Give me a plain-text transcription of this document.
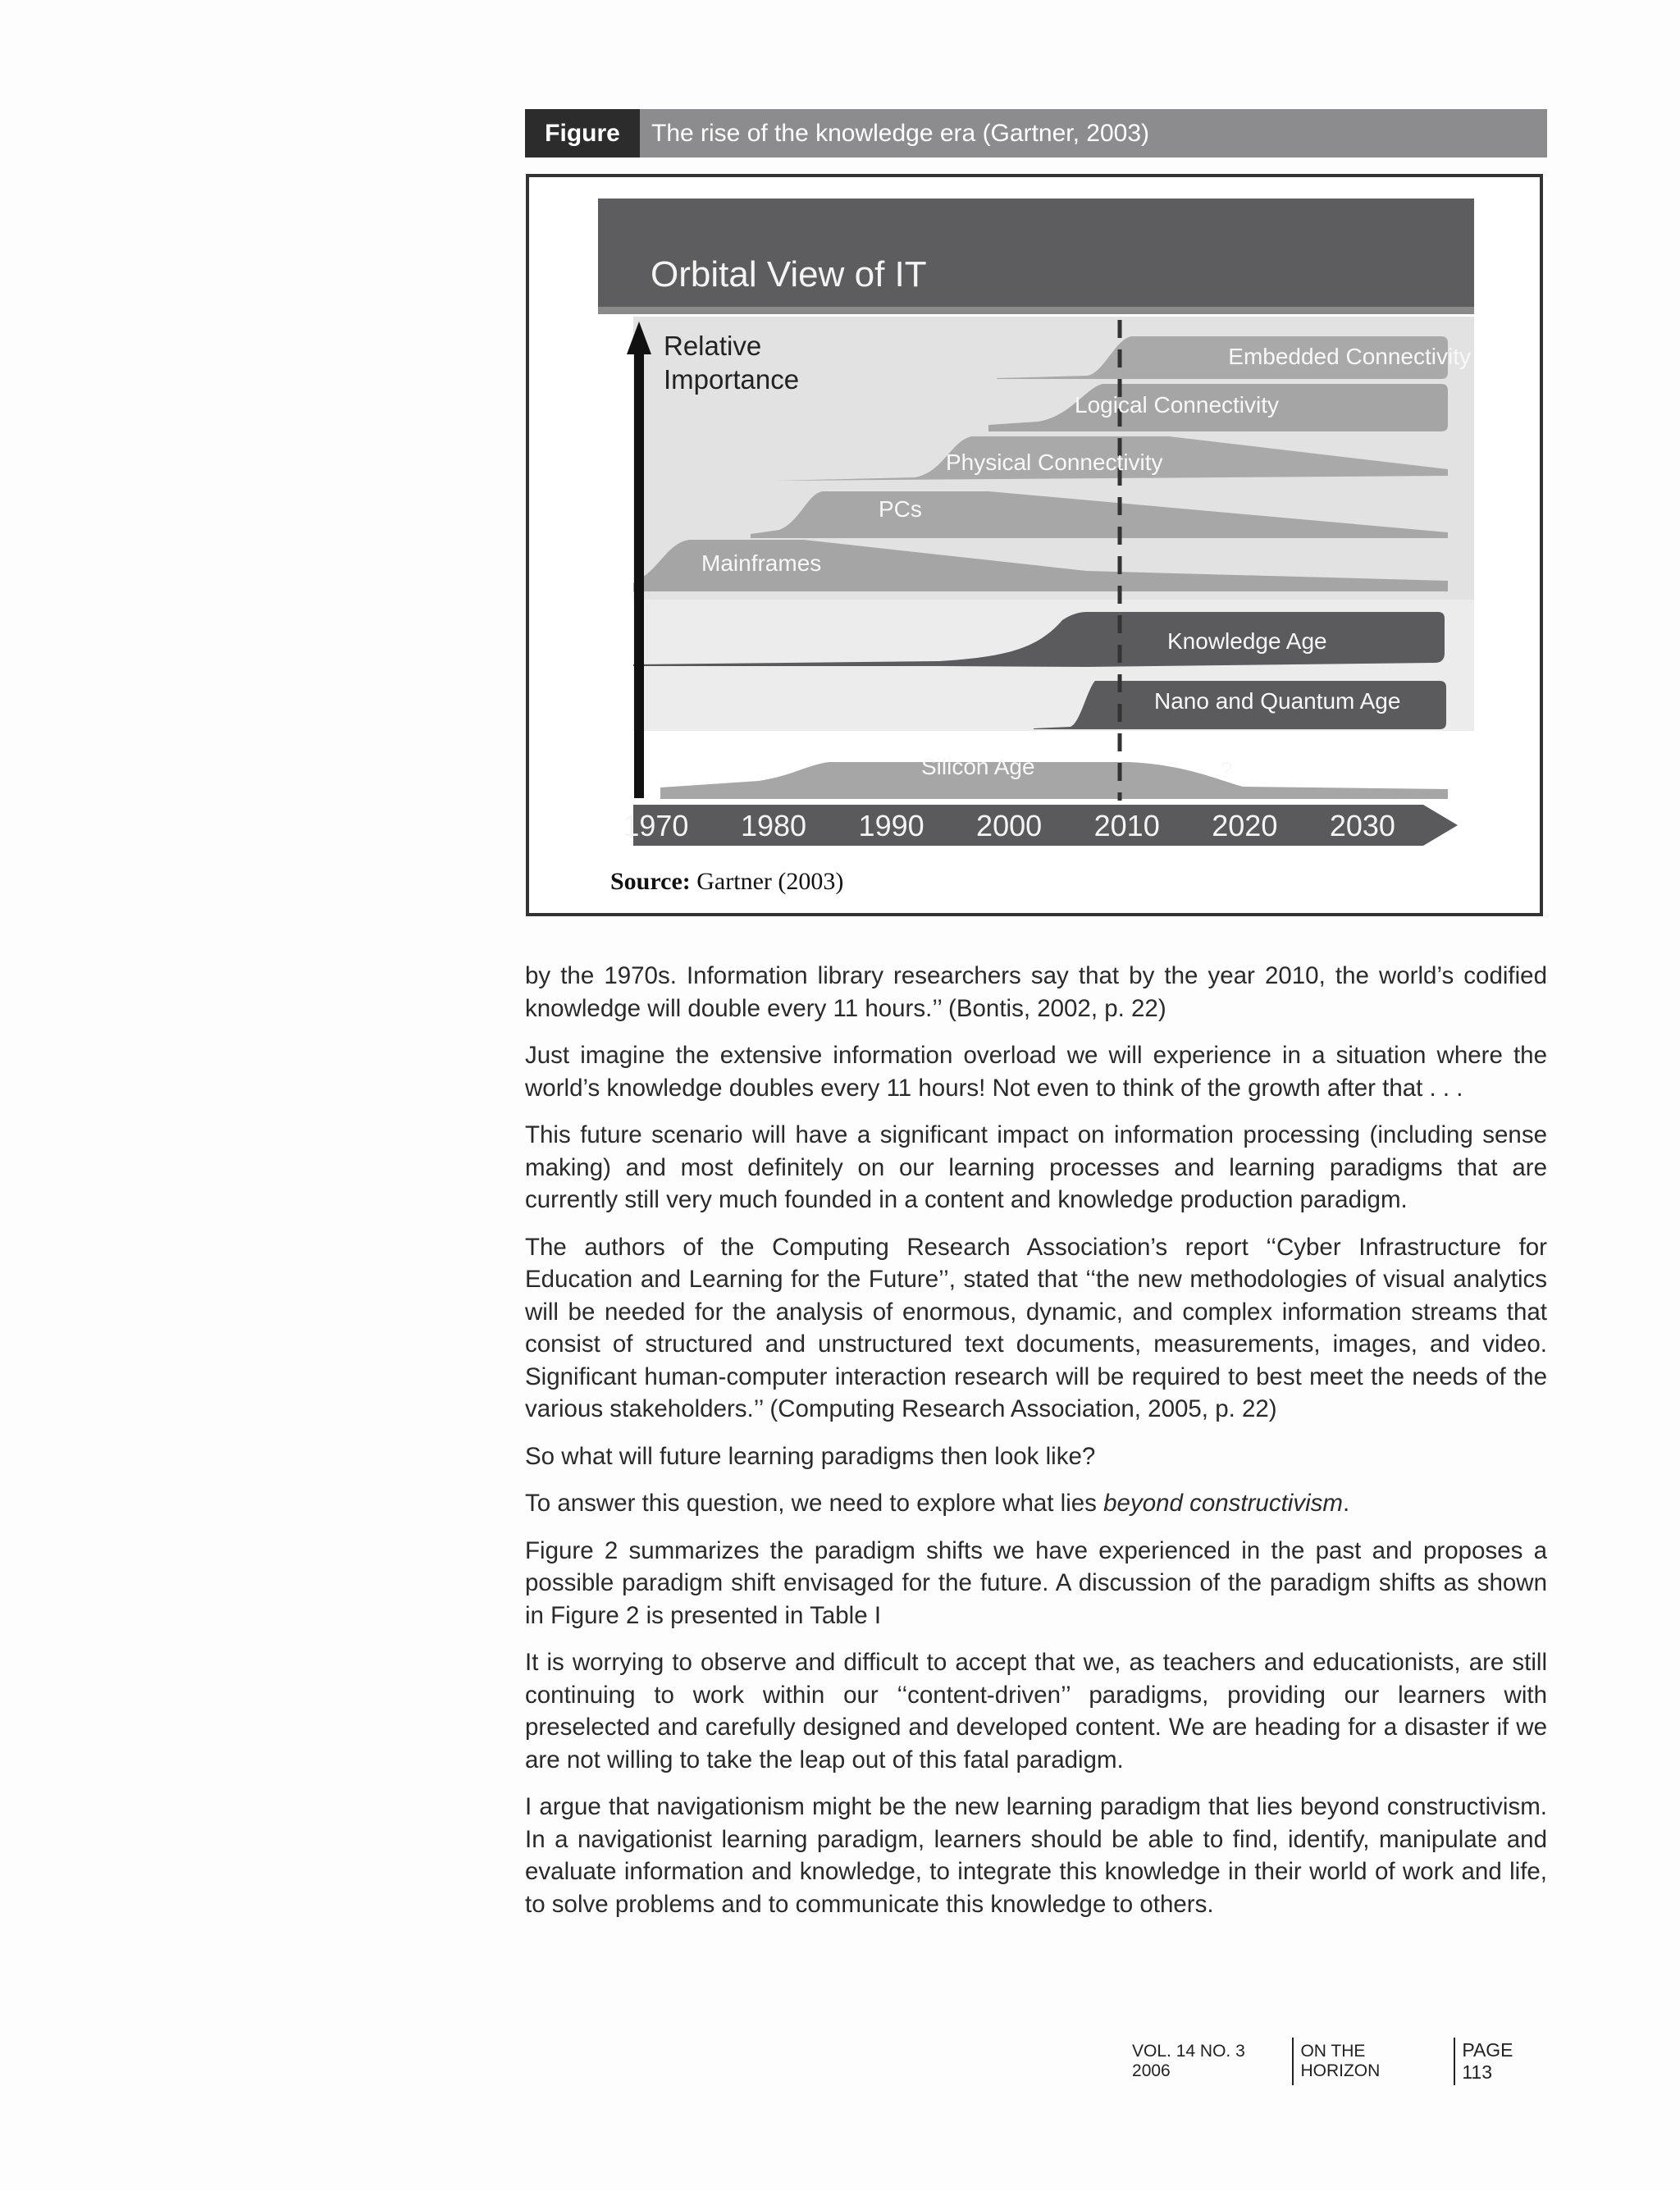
Figure	The rise of the knowledge era (Gartner, 2003)
Orbital View of IT
Relative
Importance
Embedded Connectivity
Logical Connectivity
Physical Connectivity
PCs
Mainframes
Knowledge Age
Nano and Quantum Age
Silicon Age	?
1970 1980 1990 2000 2010 2020 2030
Source: Gartner (2003)

by the 1970s. Information library researchers say that by the year 2010, the world’s codified knowledge will double every 11 hours.’’ (Bontis, 2002, p. 22)

Just imagine the extensive information overload we will experience in a situation where the world’s knowledge doubles every 11 hours! Not even to think of the growth after that . . .

This future scenario will have a significant impact on information processing (including sense making) and most definitely on our learning processes and learning paradigms that are currently still very much founded in a content and knowledge production paradigm.

The authors of the Computing Research Association’s report ‘‘Cyber Infrastructure for Education and Learning for the Future’’, stated that ‘‘the new methodologies of visual analytics will be needed for the analysis of enormous, dynamic, and complex information streams that consist of structured and unstructured text documents, measurements, images, and video. Significant human-computer interaction research will be required to best meet the needs of the various stakeholders.’’ (Computing Research Association, 2005, p. 22)

So what will future learning paradigms then look like?

To answer this question, we need to explore what lies beyond constructivism.

Figure 2 summarizes the paradigm shifts we have experienced in the past and proposes a possible paradigm shift envisaged for the future. A discussion of the paradigm shifts as shown in Figure 2 is presented in Table I

It is worrying to observe and difficult to accept that we, as teachers and educationists, are still continuing to work within our ‘‘content-driven’’ paradigms, providing our learners with preselected and carefully designed and developed content. We are heading for a disaster if we are not willing to take the leap out of this fatal paradigm.

I argue that navigationism might be the new learning paradigm that lies beyond constructivism. In a navigationist learning paradigm, learners should be able to find, identify, manipulate and evaluate information and knowledge, to integrate this knowledge in their world of work and life, to solve problems and to communicate this knowledge to others.

VOL. 14 NO. 3 2006
ON THE HORIZON
PAGE 113
